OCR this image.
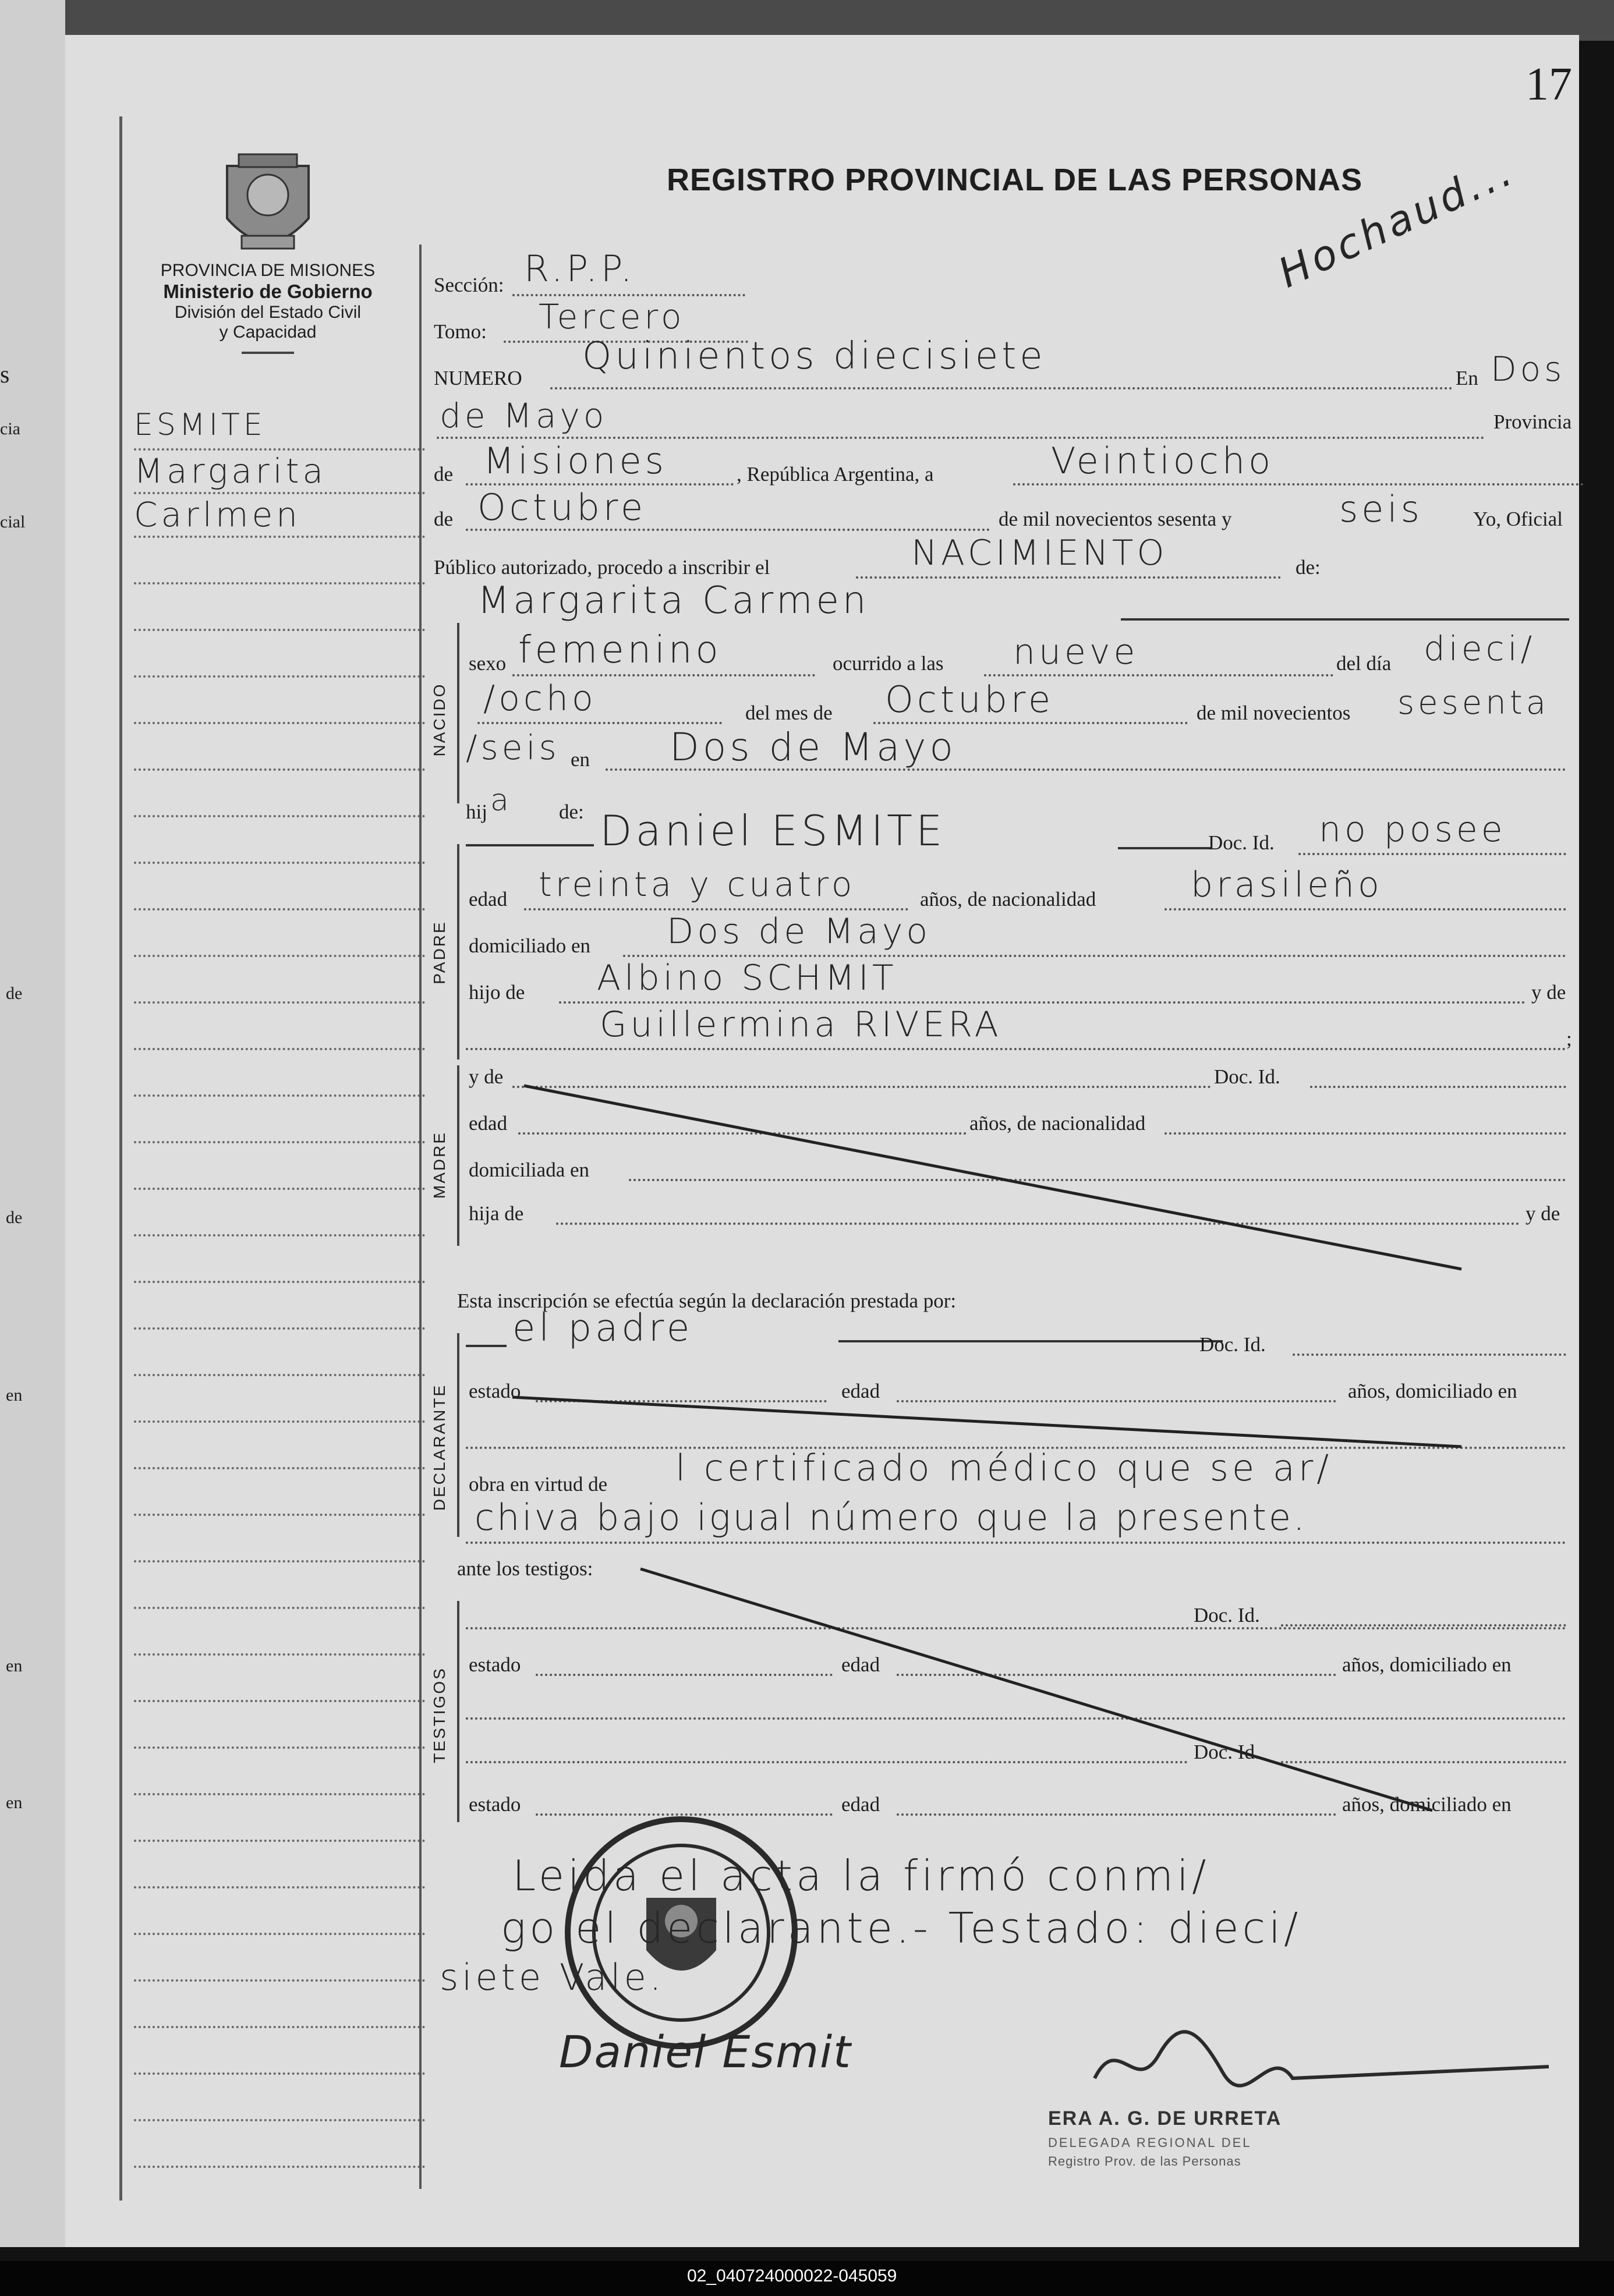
s
cia
cial
de
de
en
en
en
17
PROVINCIA DE MISIONES
Ministerio de Gobierno
División del Estado Civil
y Capacidad
ESMITE
Margarita
Carlmen
REGISTRO PROVINCIAL DE LAS PERSONAS
Hochaud...
Sección: R.P.P.
Tomo: Tercero
NUMERO
Quinientos diecisiete
En Dos
de Mayo	Provincia
de Misiones	, República Argentina, a	Veintiocho
de Octubre	de mil novecientos sesenta y	seis Yo, Oficial
Público autorizado, procedo a inscribir el	NACIMIENTO	de:
NACIDO
Margarita Carmen
sexo femenino	ocurrido a las nueve	del día dieci/
/ocho	del mes de Octubre	de mil novecientos sesenta
/seis en Dos de Mayo
hij a de:
PADRE
Daniel ESMITE	Doc. Id. no posee
edad treinta y cuatro	años, de nacionalidad	brasileño
domiciliado en Dos de Mayo
hijo de Albino SCHMIT	y de
Guillermina RIVERA	;
MADRE
y de	Doc. Id.
edad	años, de nacionalidad
domiciliada en
hija de	y de
Esta inscripción se efectúa según la declaración prestada por:
DECLARANTE
el padre	Doc. Id.
estado	edad	años, domiciliado en
obra en virtud de l certificado médico que se ar/
chiva bajo igual número que la presente.
ante los testigos:
TESTIGOS
Doc. Id.
estado	edad	años, domiciliado en
Doc. Id.
estado	edad	años, domiciliado en
Leida el acta la firmó conmi/
go el declarante.- Testado: dieci/
siete Vale.
Daniel Esmit
ERA A. G. DE URRETA
DELEGADA REGIONAL DEL
Registro Prov. de las Personas
02_040724000022-045059
